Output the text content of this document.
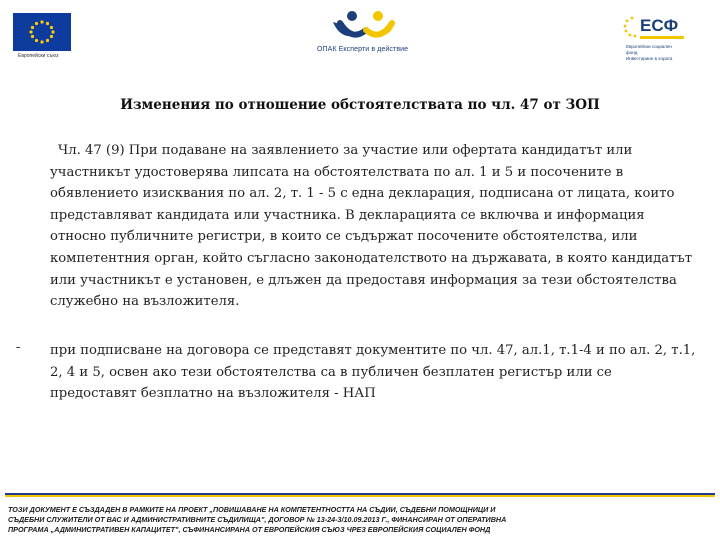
Европейски съюз
ОПАК Експерти в действие
ЕСФ
Европейски социален
фонд
Инвестиране в хората
Изменения по отношение обстоятелствата по чл. 47 от ЗОП
Чл. 47 (9) При подаване на заявлението за участие или офертата кандидатът или
участникът удостоверява липсата на обстоятелствата по ал. 1 и 5 и посочените в
обявлението изисквания по ал. 2, т. 1 - 5 с една декларация, подписана от лицата, които
представляват кандидата или участника. В декларацията се включва и информация
относно публичните регистри, в които се съдържат посочените обстоятелства, или
компетентния орган, който съгласно законодателството на държавата, в която кандидатът
или участникът е установен, е длъжен да предоставя информация за тези обстоятелства
служебно на възложителя.
- при подписване на договора се представят документите по чл. 47, ал.1, т.1-4 и по ал. 2, т.1,
2, 4 и 5, освен ако тези обстоятелства са в публичен безплатен регистър или се
предоставят безплатно на възложителя - НАП
ТОЗИ ДОКУМЕНТ Е СЪЗДАДЕН В РАМКИТЕ НА ПРОЕКТ „ПОВИШАВАНЕ НА КОМПЕТЕНТНОСТТА НА СЪДИИ, СЪДЕБНИ ПОМОЩНИЦИ И
СЪДЕБНИ СЛУЖИТЕЛИ ОТ ВАС И АДМИНИСТРАТИВНИТЕ СЪДИЛИЩА", ДОГОВОР № 13-24-3/10.09.2013 Г., ФИНАНСИРАН ОТ ОПЕРАТИВНА
ПРОГРАМА „АДМИНИСТРАТИВЕН КАПАЦИТЕТ", СЪФИНАНСИРАНА ОТ ЕВРОПЕЙСКИЯ СЪЮЗ ЧРЕЗ ЕВРОПЕЙСКИЯ СОЦИАЛЕН ФОНД
